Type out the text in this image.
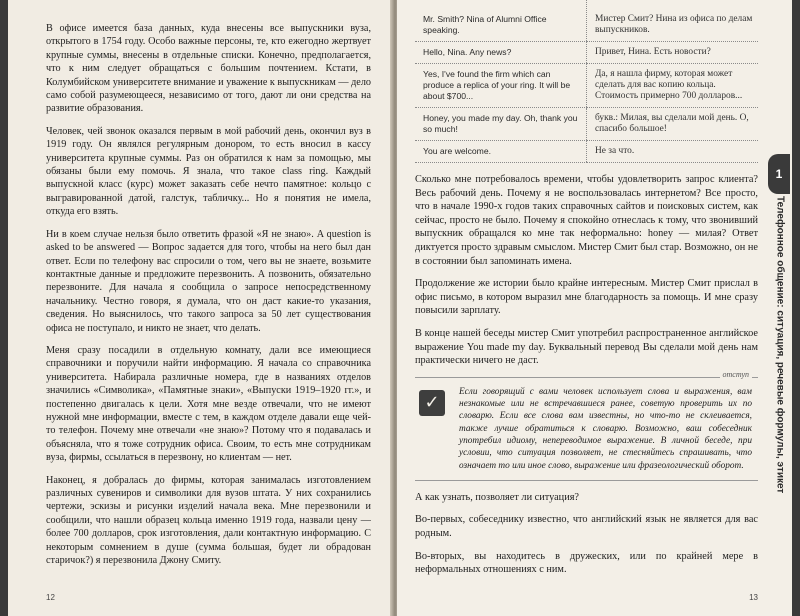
В офисе имеется база данных, куда внесены все выпускники вуза, открытого в 1754 году. Особо важные персоны, те, кто ежегодно жертвует крупные суммы, внесены в отдельные списки. Конечно, предполагается, что к ним следует обращаться с большим почтением. Кстати, в Колумбийском университете внимание и уважение к выпускникам — дело само собой разумеющееся, независимо от того, дают ли они средства на развитие образования.

Человек, чей звонок оказался первым в мой рабочий день, окончил вуз в 1919 году. Он являлся регулярным донором, то есть вносил в кассу университета крупные суммы. Раз он обратился к нам за помощью, мы обязаны были ему помочь. Я знала, что такое class ring. Каждый выпускной класс (курс) может заказать себе нечто памятное: кольцо с выгравированной датой, галстук, табличку... Но я понятия не имела, откуда его взять.

Ни в коем случае нельзя было ответить фразой «Я не знаю». A question is asked to be answered — Вопрос задается для того, чтобы на него был дан ответ. Если по телефону вас спросили о том, чего вы не знаете, возьмите контактные данные и предложите перезвонить. А позвонить, обязательно перезвоните. Для начала я сообщила о запросе непосредственному начальнику. Честно говоря, я думала, что он даст какие-то указания, сведения. Но выяснилось, что такого запроса за 50 лет существования офиса не поступало, и никто не знает, что делать.

Меня сразу посадили в отдельную комнату, дали все имеющиеся справочники и поручили найти информацию. Я начала со справочника университета. Набирала различные номера, где в названиях отделов значились «Символика», «Памятные знаки», «Выпуски 1919–1920 гг.», и постепенно двигалась к цели. Хотя мне везде отвечали, что не имеют нужной мне информации, вместе с тем, в каждом отделе давали еще чей-то телефон. Почему мне отвечали «не знаю»? Потому что я подавалась и объясняла, что я тоже сотрудник офиса. Своим, то есть мне сотрудникам вуза, фирмы, ссылаться в перезвону, но клиентам — нет.

Наконец, я добралась до фирмы, которая занималась изготовлением различных сувениров и символики для вузов штата. У них сохранились чертежи, эскизы и рисунки изделий начала века. Мне перезвонили и сообщили, что нашли образец кольца именно 1919 года, назвали цену — более 700 долларов, срок изготовления, дали контактную информацию. С некоторым сомнением в душе (сумма большая, будет ли обрадован старичок?) я перезвонила Джону Смиту.

12
Mr. Smith? Nina of Alumni Office speaking.	Мистер Смит? Нина из офиса по делам выпускников.
Hello, Nina. Any news?	Привет, Нина. Есть новости?
Yes, I've found the firm which can produce a replica of your ring. It will be about $700...	Да, я нашла фирму, которая может сделать для вас копию кольца. Стоимость примерно 700 долларов...
Honey, you made my day. Oh, thank you so much!	букв.: Милая, вы сделали мой день. О, спасибо большое!
You are welcome.	Не за что.

Сколько мне потребовалось времени, чтобы удовлетворить запрос клиента? Весь рабочий день. Почему я не воспользовалась интернетом? Все просто, что в начале 1990-х годов таких справочных сайтов и поисковых систем, как сейчас, просто не было. Почему я спокойно отнеслась к тому, что звонивший выпускник обращался ко мне так неформально: honey — милая? Ответ диктуется просто здравым смыслом. Мистер Смит был стар. Возможно, он не в состоянии был запоминать имена.

Продолжение же истории было крайне интересным. Мистер Смит прислал в офис письмо, в котором выразил мне благодарность за помощь. И мне сразу повысили зарплату.

В конце нашей беседы мистер Смит употребил распространенное английское выражение You made my day. Буквальный перевод Вы сделали мой день нам практически ничего не даст.

✓
отступ

Если говорящий с вами человек использует слова и выражения, вам незнакомые или не встречавшиеся ранее, советую проверить их по словарю. Если все слова вам известны, но что-то не склеивается, также лучше обратиться к словарю. Возможно, ваш собеседник употребил идиому, непереводимое выражение. В личной беседе, при условии, что ситуация позволяет, не стесняйтесь спрашивать, что означает то или иное слово, выражение или фразеологический оборот.

А как узнать, позволяет ли ситуация?

Во-первых, собеседнику известно, что английский язык не является для вас родным.

Во-вторых, вы находитесь в дружеских, или по крайней мере в неформальных отношениях с ним.

13
1
Телефонное общение: ситуация, речевые формулы, этикет
